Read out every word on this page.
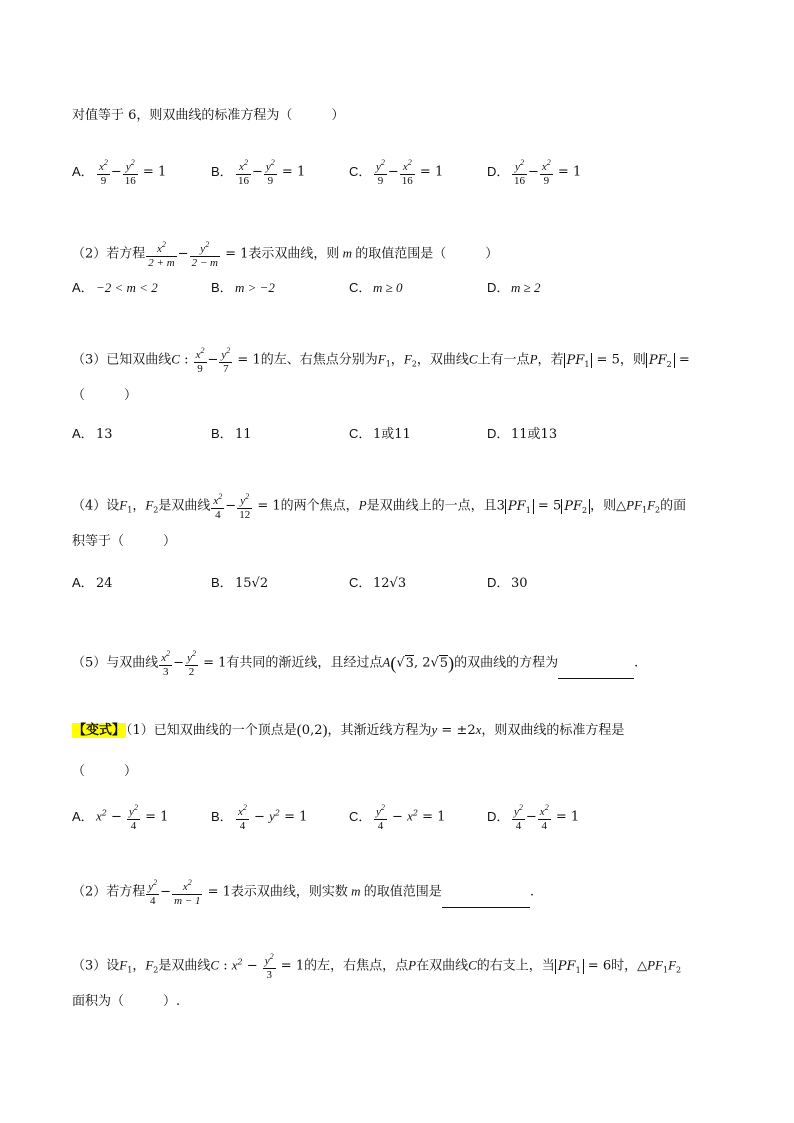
对值等于 6，则双曲线的标准方程为（　　　）
A． $\frac{x^2}{9} - \frac{y^2}{16} = 1$	B． $\frac{x^2}{16} - \frac{y^2}{9} = 1$	C． $\frac{y^2}{9} - \frac{x^2}{16} = 1$	D． $\frac{y^2}{16} - \frac{x^2}{9} = 1$
（2）若方程 $\frac{x^2}{2 + m} - \frac{y^2}{2 - m} = 1$表示双曲线，则 m 的取值范围是（　　　）
A． −2 < m < 2	B． m > −2	C． m ≥ 0	D． m ≥ 2
（3）已知双曲线C : $\frac{x^2}{9} - \frac{y^2}{7} = 1$的左、右焦点分别为$F_1$，$F_2$，双曲线C上有一点P，若 $PF_1 = 5$，则 $PF_2$ =
（　　　）
A． 13	B． 11	C． 1或11	D． 11或13
（4）设$F_1$，$F_2$是双曲线 $\frac{x^2}{4} - \frac{y^2}{12} = 1$的两个焦点，P是双曲线上的一点，且3 $PF_1 = 5$ $PF_2$ ，则$\triangle PF_1F_2$的面
积等于（　　　）
A． 24	B． 15√2	C． 12√3	D． 30
（5）与双曲线 $\frac{x^2}{3} - \frac{y^2}{2} = 1$有共同的渐近线，且经过点A(√3, 2√5)的双曲线的方程为	.
【变式】（1）已知双曲线的一个顶点是(0,2)，其渐近线方程为y = ±2x，则双曲线的标准方程是
（　　　）
A． $x^2 - \frac{y^2}{4} = 1$	B． $\frac{x^2}{4} - y^2 = 1$	C． $\frac{y^2}{4} - x^2 = 1$	D． $\frac{y^2}{4} - \frac{x^2}{4} = 1$
（2）若方程 $\frac{y^2}{4} - \frac{x^2}{m - 1} = 1$表示双曲线，则实数 m 的取值范围是	.
（3）设$F_1$，$F_2$是双曲线C : $x^2 - \frac{y^2}{3} = 1$的左，右焦点，点P在双曲线C的右支上，当 $PF_1 = 6$时，$\triangle PF_1F_2$
面积为（　　　）.
